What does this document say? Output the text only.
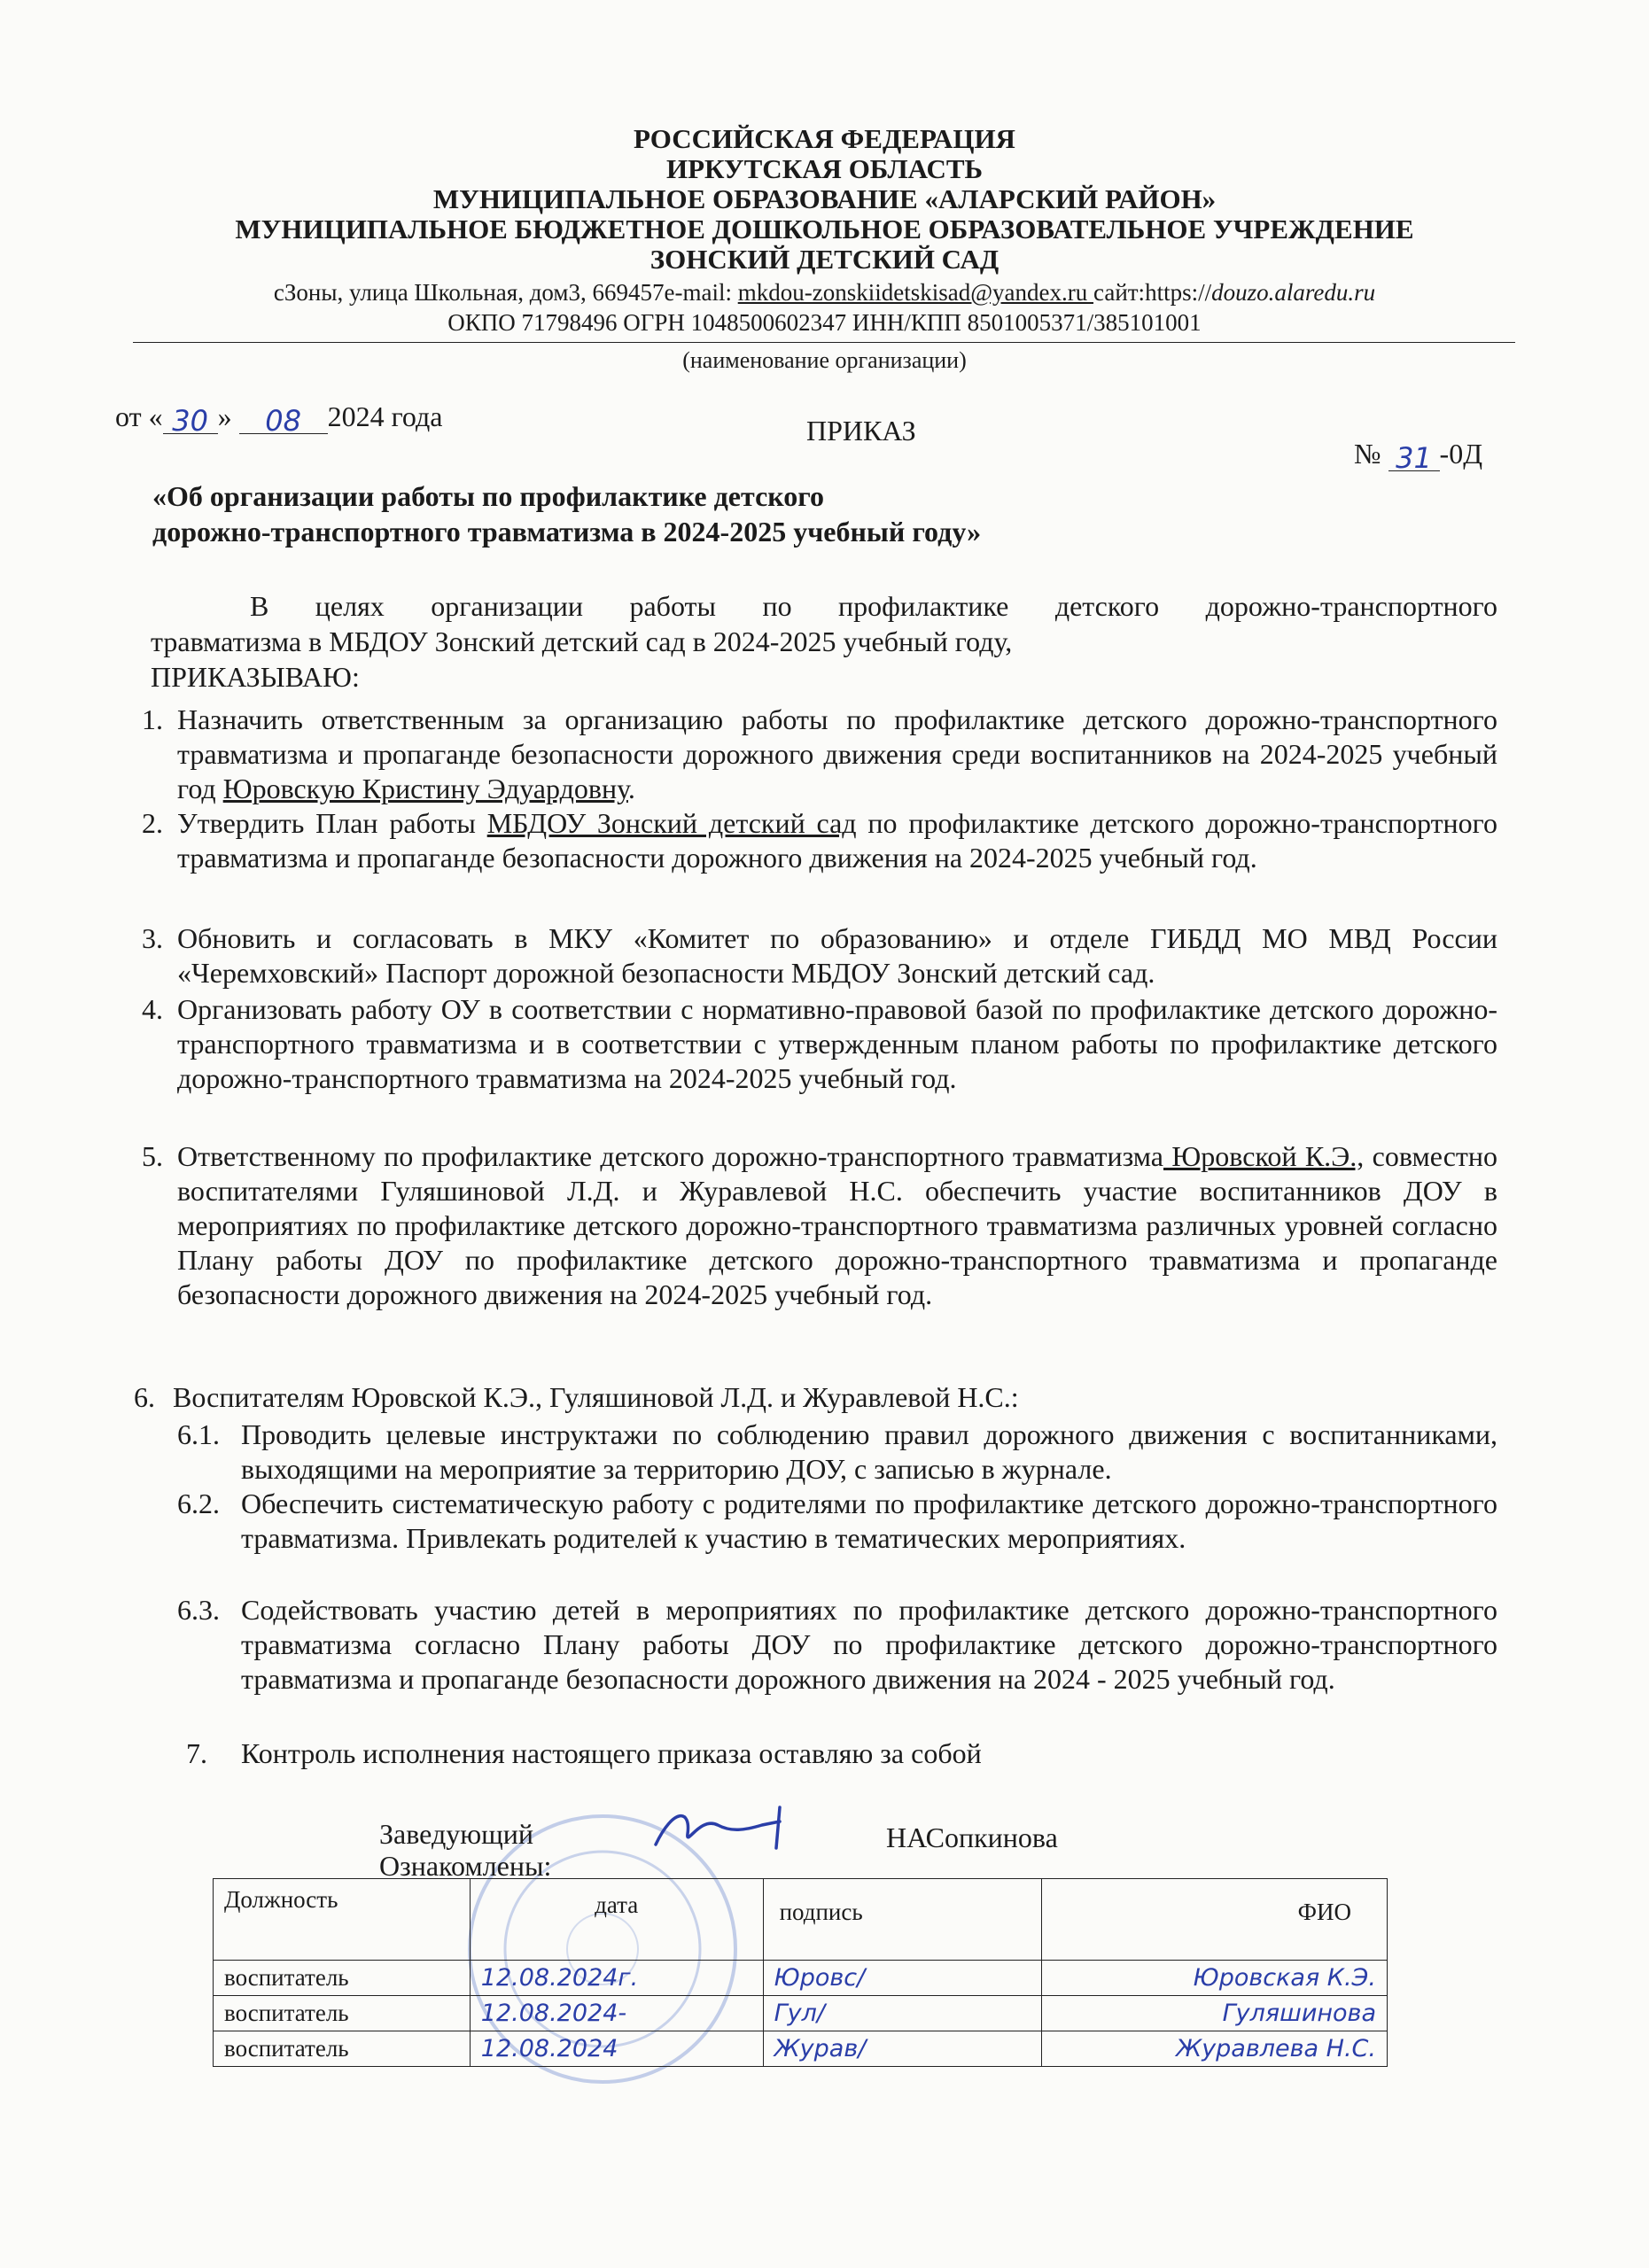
РОССИЙСКАЯ ФЕДЕРАЦИЯ
ИРКУТСКАЯ ОБЛАСТЬ
МУНИЦИПАЛЬНОЕ ОБРАЗОВАНИЕ «АЛАРСКИЙ РАЙОН»
МУНИЦИПАЛЬНОЕ БЮДЖЕТНОЕ ДОШКОЛЬНОЕ ОБРАЗОВАТЕЛЬНОЕ УЧРЕЖДЕНИЕ
ЗОНСКИЙ ДЕТСКИЙ САД
сЗоны, улица Школьная, дом3, 669457e-mail: mkdou-zonskiidetskisad@yandex.ru сайт:https://douzo.alaredu.ru
ОКПО 71798496 ОГРН 1048500602347 ИНН/КПП 8501005371/385101001
(наименование организации)
от « 30 » 08 2024 года	ПРИКАЗ
№ 31 -0Д
«Об организации работы по профилактике детского
дорожно-транспортного травматизма в 2024-2025 учебный году»
В целях организации работы по профилактике детского дорожно-транспортного
травматизма в МБДОУ Зонский детский сад в 2024-2025 учебный году,
ПРИКАЗЫВАЮ:
1. Назначить ответственным за организацию работы по профилактике детского дорожно-транспортного травматизма и пропаганде безопасности дорожного движения среди воспитанников на 2024-2025 учебный год Юровскую Кристину Эдуардовну.
2. Утвердить План работы МБДОУ Зонский детский сад по профилактике детского дорожно-транспортного травматизма и пропаганде безопасности дорожного движения на 2024-2025 учебный год.
3. Обновить и согласовать в МКУ «Комитет по образованию» и отделе ГИБДД МО МВД России «Черемховский» Паспорт дорожной безопасности МБДОУ Зонский детский сад.
4. Организовать работу ОУ в соответствии с нормативно-правовой базой по профилактике детского дорожно-транспортного травматизма и в соответствии с утвержденным планом работы по профилактике детского дорожно-транспортного травматизма на 2024-2025 учебный год.
5. Ответственному по профилактике детского дорожно-транспортного травматизма Юровской К.Э., совместно воспитателями Гуляшиновой Л.Д. и Журавлевой Н.С. обеспечить участие воспитанников ДОУ в мероприятиях по профилактике детского дорожно-транспортного травматизма различных уровней согласно Плану работы ДОУ по профилактике детского дорожно-транспортного травматизма и пропаганде безопасности дорожного движения на 2024-2025 учебный год.
6. Воспитателям Юровской К.Э., Гуляшиновой Л.Д. и Журавлевой Н.С.:
6.1. Проводить целевые инструктажи по соблюдению правил дорожного движения с воспитанниками, выходящими на мероприятие за территорию ДОУ, с записью в журнале.
6.2. Обеспечить систематическую работу с родителями по профилактике детского дорожно-транспортного травматизма. Привлекать родителей к участию в тематических мероприятиях.
6.3. Содействовать участию детей в мероприятиях по профилактике детского дорожно-транспортного травматизма согласно Плану работы ДОУ по профилактике детского дорожно-транспортного травматизма и пропаганде безопасности дорожного движения на 2024 - 2025 учебный год.
7. Контроль исполнения настоящего приказа оставляю за собой
Заведующий	НАСопкинова
Ознакомлены:
Должность	дата	подпись	ФИО
воспитатель	12.08.2024г.	Юровс/	Юровская К.Э.
воспитатель	12.08.2024-	Гул/	Гуляшинова
воспитатель	12.08.2024	Журав/	Журавлева Н.С.
